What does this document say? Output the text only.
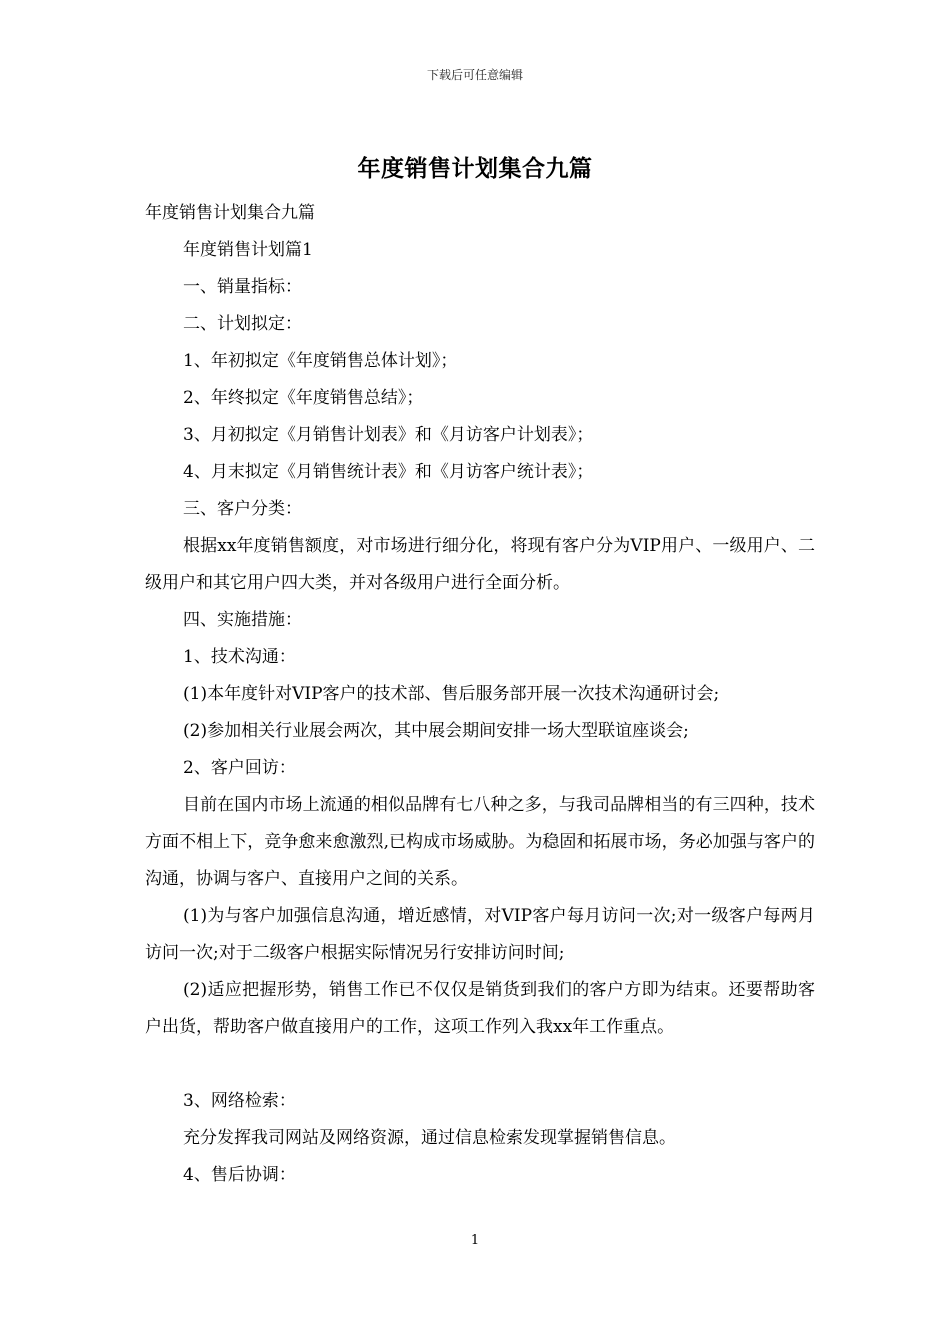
下载后可任意编辑
年度销售计划集合九篇

年度销售计划集合九篇

年度销售计划篇1

一、销量指标：

二、计划拟定：

1、年初拟定《年度销售总体计划》；

2、年终拟定《年度销售总结》；

3、月初拟定《月销售计划表》和《月访客户计划表》；

4、月末拟定《月销售统计表》和《月访客户统计表》；

三、客户分类：

根据xx年度销售额度，对市场进行细分化，将现有客户分为VIP用户、一级用户、二级用户和其它用户四大类，并对各级用户进行全面分析。

四、实施措施：

1、技术沟通：

(1)本年度针对VIP客户的技术部、售后服务部开展一次技术沟通研讨会;

(2)参加相关行业展会两次，其中展会期间安排一场大型联谊座谈会;

2、客户回访：

目前在国内市场上流通的相似品牌有七八种之多，与我司品牌相当的有三四种，技术方面不相上下，竞争愈来愈激烈,已构成市场威胁。为稳固和拓展市场，务必加强与客户的沟通，协调与客户、直接用户之间的关系。

(1)为与客户加强信息沟通，增近感情，对VIP客户每月访问一次;对一级客户每两月访问一次;对于二级客户根据实际情况另行安排访问时间;

(2)适应把握形势，销售工作已不仅仅是销货到我们的客户方即为结束。还要帮助客户出货，帮助客户做直接用户的工作，这项工作列入我xx年工作重点。

3、网络检索：

充分发挥我司网站及网络资源，通过信息检索发现掌握销售信息。

4、售后协调：

1
